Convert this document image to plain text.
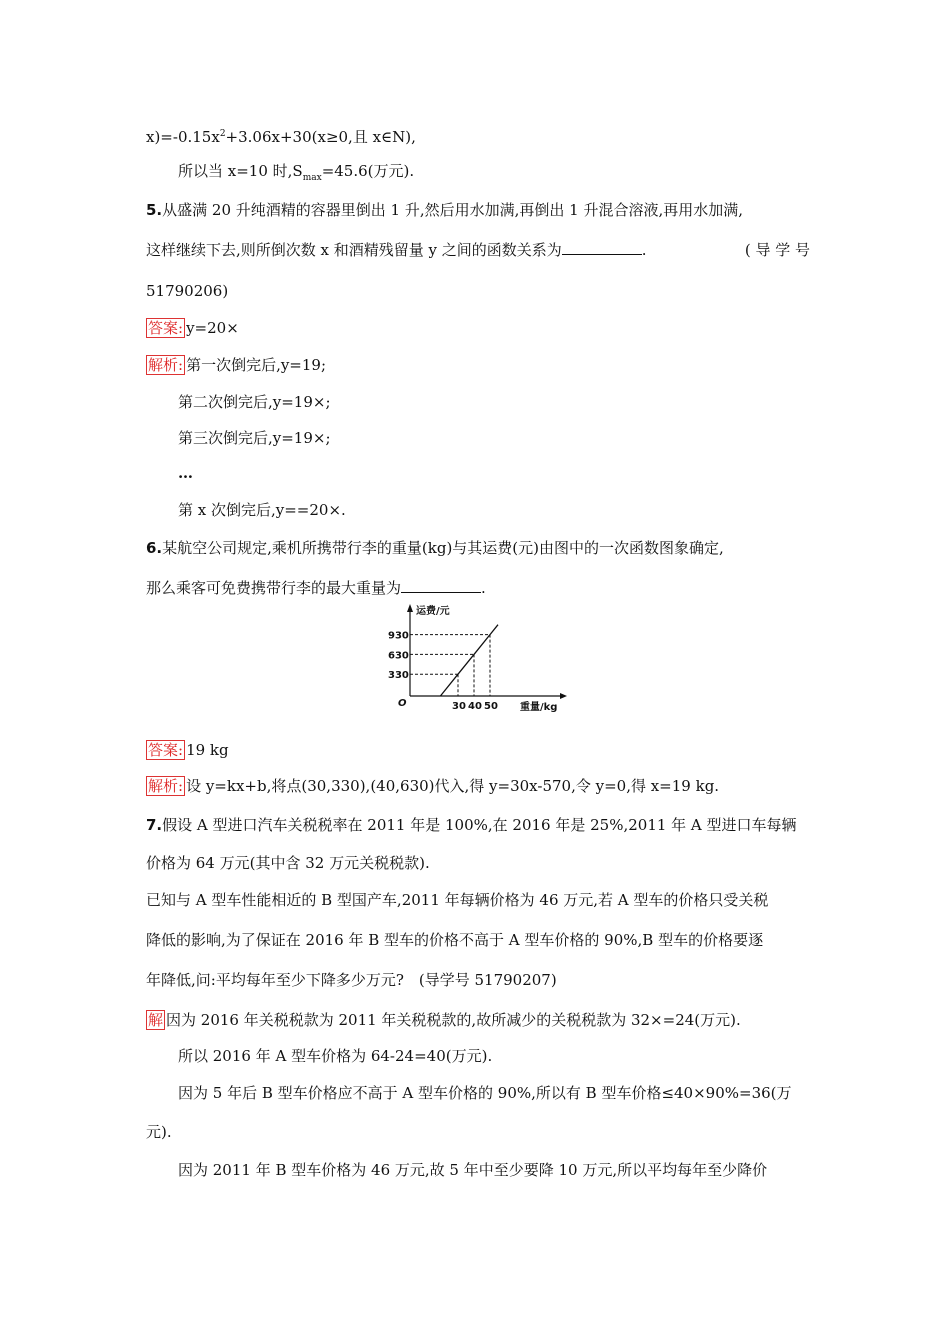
$x)=-0.15x^2+3.06x+30(x\ge 0$,且 x∈N),
所以当 x=10 时$,S_{max}=45.6$(万元).
5.从盛满 20 升纯酒精的容器里倒出 1 升,然后用水加满,再倒出 1 升混合溶液,再用水加满,
这样继续下去,则所倒次数 x 和酒精残留量 y 之间的函数关系为	.	( 导 学 号
51790206)
答案: y=20×
解析: 第一次倒完后,y=19;
第二次倒完后,y=19×;
第三次倒完后,y=19×;
…
第 x 次倒完后,y==20×.
6.某航空公司规定,乘机所携带行李的重量(kg)与其运费(元)由图中的一次函数图象确定,
那么乘客可免费携带行李的最大重量为	.
30 40 50
930
630
330
运费/元
重量/kg
O
答案: 19 kg
解析: 设 y=kx+b,将点(30,330),(40,630)代入,得 y=30x-570,令 y=0,得 x=19 kg.
7.假设 A 型进口汽车关税税率在 2011 年是 100%,在 2016 年是 25%,2011 年 A 型进口车每辆
价格为 64 万元(其中含 32 万元关税税款).
已知与 A 型车性能相近的 B 型国产车,2011 年每辆价格为 46 万元,若 A 型车的价格只受关税
降低的影响,为了保证在 2016 年 B 型车的价格不高于 A 型车价格的 90%,B 型车的价格要逐
年降低,问:平均每年至少下降多少万元?　(导学号 51790207)
解 因为 2016 年关税税款为 2011 年关税税款的,故所减少的关税税款为 32×=24(万元).
所以 2016 年 A 型车价格为 64-24=40(万元).
因为 5 年后 B 型车价格应不高于 A 型车价格的 90%,所以有 B 型车价格≤40×90%=36(万
元).
因为 2011 年 B 型车价格为 46 万元,故 5 年中至少要降 10 万元,所以平均每年至少降价
